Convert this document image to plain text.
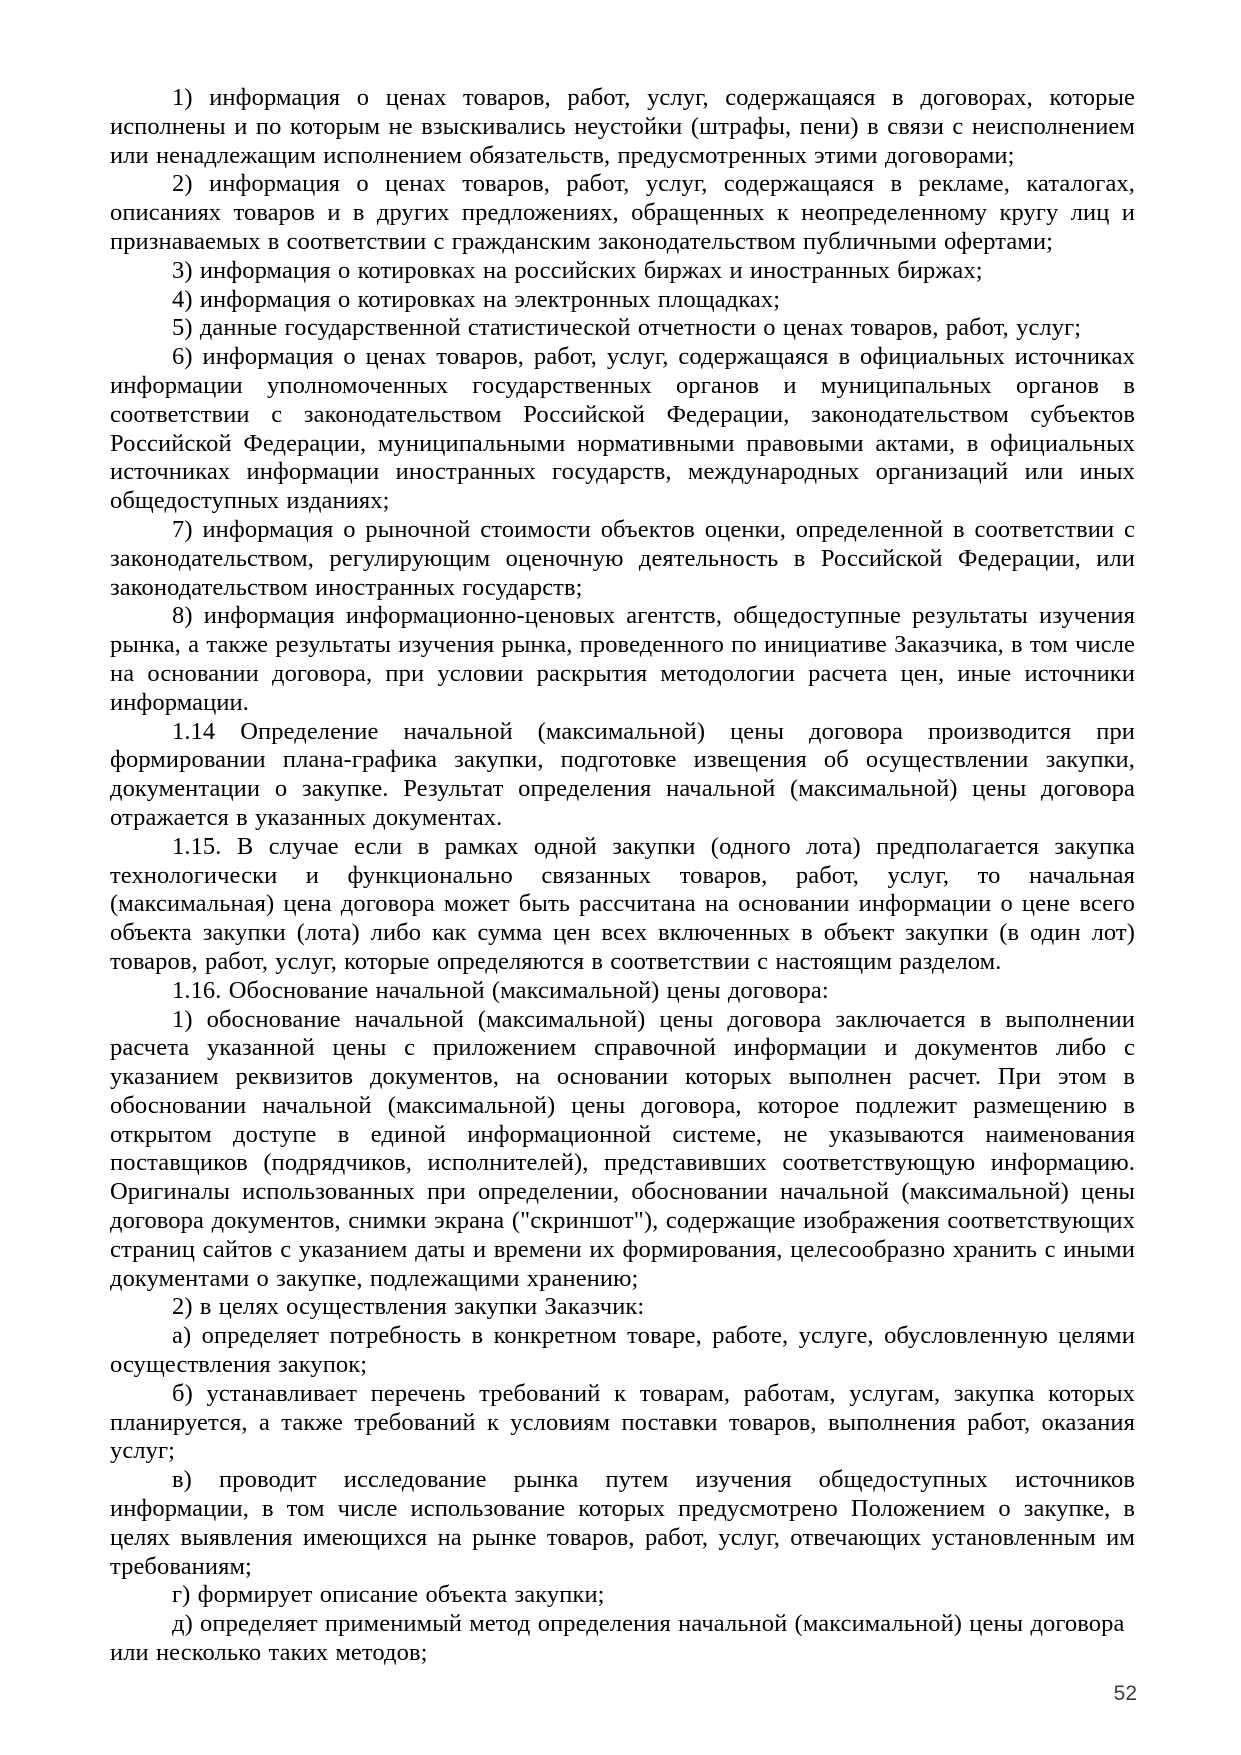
1) информация о ценах товаров, работ, услуг, содержащаяся в договорах, которые исполнены и по которым не взыскивались неустойки (штрафы, пени) в связи с неисполнением или ненадлежащим исполнением обязательств, предусмотренных этими договорами;

2) информация о ценах товаров, работ, услуг, содержащаяся в рекламе, каталогах, описаниях товаров и в других предложениях, обращенных к неопределенному кругу лиц и признаваемых в соответствии с гражданским законодательством публичными офертами;

3) информация о котировках на российских биржах и иностранных биржах;

4) информация о котировках на электронных площадках;

5) данные государственной статистической отчетности о ценах товаров, работ, услуг;

6) информация о ценах товаров, работ, услуг, содержащаяся в официальных источниках информации уполномоченных государственных органов и муниципальных органов в соответствии с законодательством Российской Федерации, законодательством субъектов Российской Федерации, муниципальными нормативными правовыми актами, в официальных источниках информации иностранных государств, международных организаций или иных общедоступных изданиях;

7) информация о рыночной стоимости объектов оценки, определенной в соответствии с законодательством, регулирующим оценочную деятельность в Российской Федерации, или законодательством иностранных государств;

8) информация информационно-ценовых агентств, общедоступные результаты изучения рынка, а также результаты изучения рынка, проведенного по инициативе Заказчика, в том числе на основании договора, при условии раскрытия методологии расчета цен, иные источники информации.

1.14 Определение начальной (максимальной) цены договора производится при формировании плана-графика закупки, подготовке извещения об осуществлении закупки, документации о закупке. Результат определения начальной (максимальной) цены договора отражается в указанных документах.

1.15. В случае если в рамках одной закупки (одного лота) предполагается закупка технологически и функционально связанных товаров, работ, услуг, то начальная (максимальная) цена договора может быть рассчитана на основании информации о цене всего объекта закупки (лота) либо как сумма цен всех включенных в объект закупки (в один лот) товаров, работ, услуг, которые определяются в соответствии с настоящим разделом.

1.16. Обоснование начальной (максимальной) цены договора:

1) обоснование начальной (максимальной) цены договора заключается в выполнении расчета указанной цены с приложением справочной информации и документов либо с указанием реквизитов документов, на основании которых выполнен расчет. При этом в обосновании начальной (максимальной) цены договора, которое подлежит размещению в открытом доступе в единой информационной системе, не указываются наименования поставщиков (подрядчиков, исполнителей), представивших соответствующую информацию. Оригиналы использованных при определении, обосновании начальной (максимальной) цены договора документов, снимки экрана ("скриншот"), содержащие изображения соответствующих страниц сайтов с указанием даты и времени их формирования, целесообразно хранить с иными документами о закупке, подлежащими хранению;

2) в целях осуществления закупки Заказчик:

а) определяет потребность в конкретном товаре, работе, услуге, обусловленную целями осуществления закупок;

б) устанавливает перечень требований к товарам, работам, услугам, закупка которых планируется, а также требований к условиям поставки товаров, выполнения работ, оказания услуг;

в) проводит исследование рынка путем изучения общедоступных источников информации, в том числе использование которых предусмотрено Положением о закупке, в целях выявления имеющихся на рынке товаров, работ, услуг, отвечающих установленным им требованиям;

г) формирует описание объекта закупки;

д) определяет применимый метод определения начальной (максимальной) цены договора или несколько таких методов;

52
